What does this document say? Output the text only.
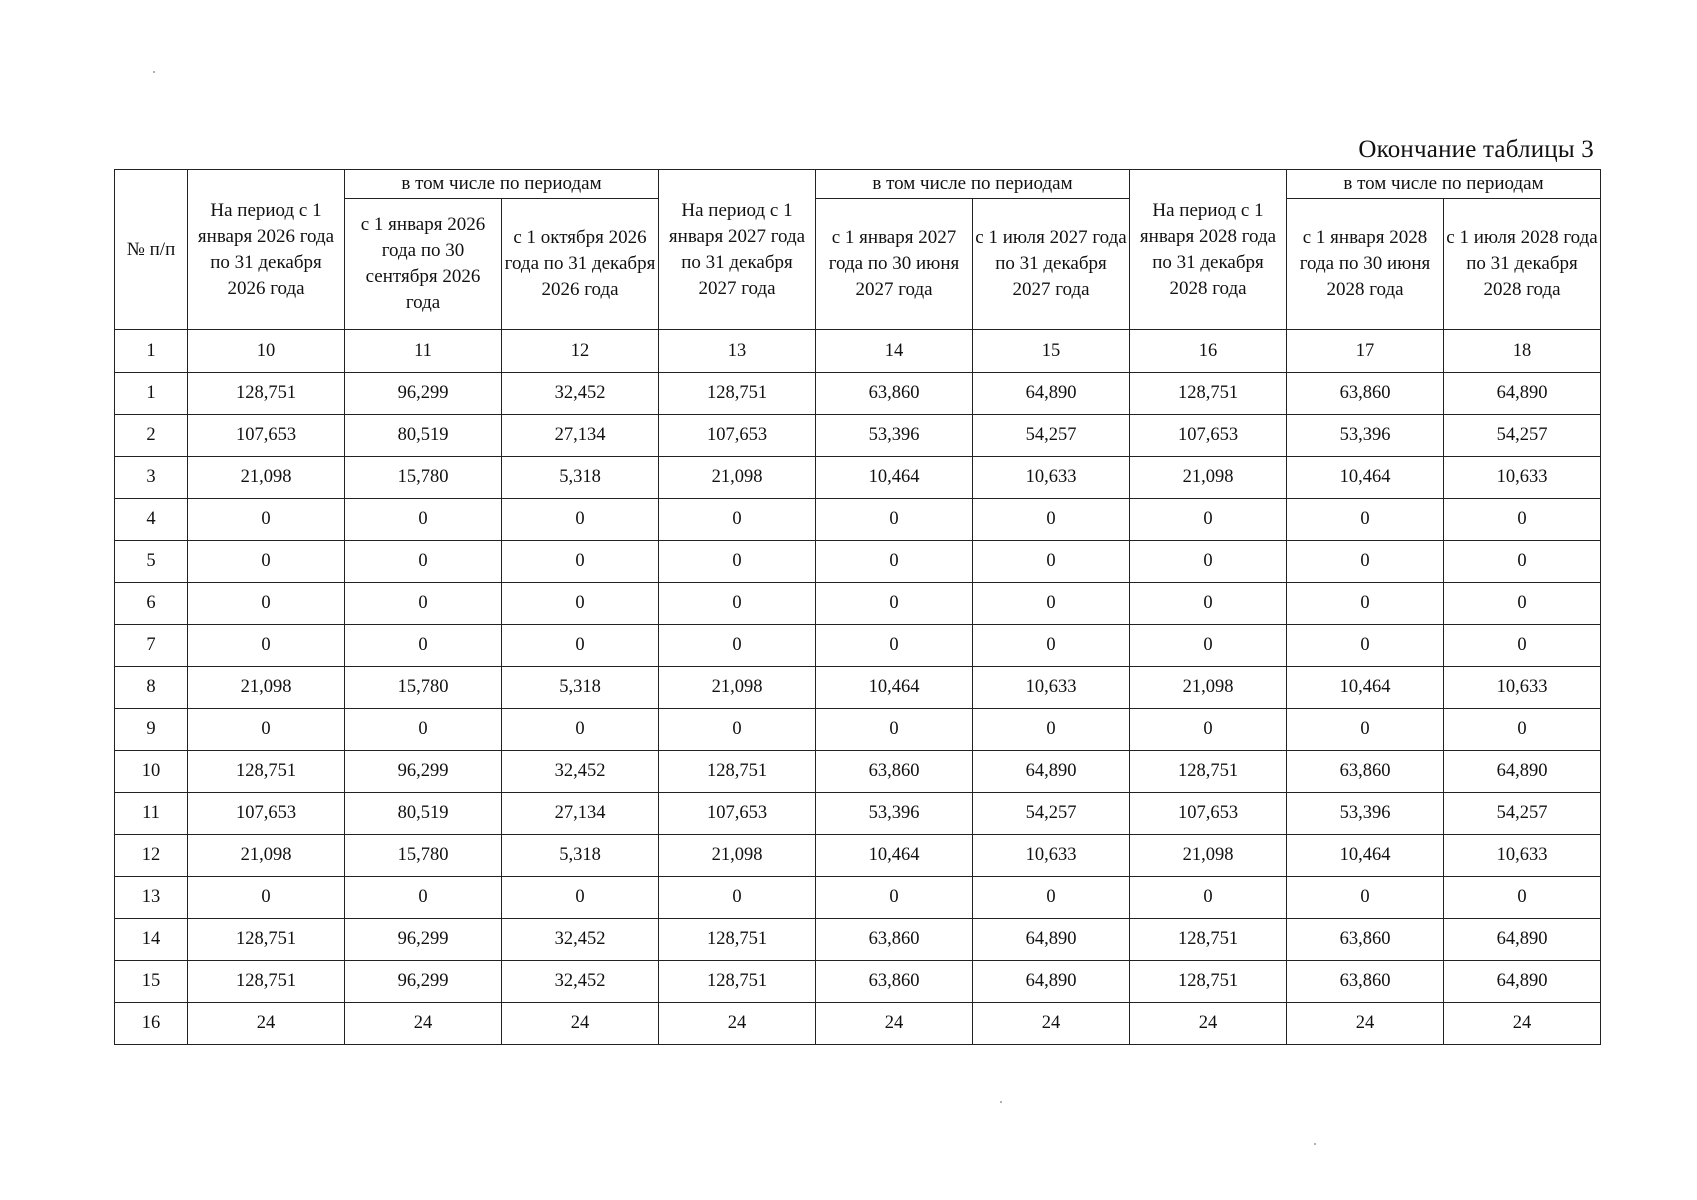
Окончание таблицы 3
№ п/п	На период с 1 января 2026 года по 31 декабря 2026 года	в том числе по периодам		На период с 1 января 2027 года по 31 декабря 2027 года	в том числе по периодам		На период с 1 января 2028 года по 31 декабря 2028 года	в том числе по периодам	
		с 1 января 2026 года по 30 сентября 2026 года	с 1 октября 2026 года по 31 декабря 2026 года		с 1 января 2027 года по 30 июня 2027 года	с 1 июля 2027 года по 31 декабря 2027 года		с 1 января 2028 года по 30 июня 2028 года	с 1 июля 2028 года по 31 декабря 2028 года
1	10	11	12	13	14	15	16	17	18
1	128,751	96,299	32,452	128,751	63,860	64,890	128,751	63,860	64,890
2	107,653	80,519	27,134	107,653	53,396	54,257	107,653	53,396	54,257
3	21,098	15,780	5,318	21,098	10,464	10,633	21,098	10,464	10,633
4	0	0	0	0	0	0	0	0	0
5	0	0	0	0	0	0	0	0	0
6	0	0	0	0	0	0	0	0	0
7	0	0	0	0	0	0	0	0	0
8	21,098	15,780	5,318	21,098	10,464	10,633	21,098	10,464	10,633
9	0	0	0	0	0	0	0	0	0
10	128,751	96,299	32,452	128,751	63,860	64,890	128,751	63,860	64,890
11	107,653	80,519	27,134	107,653	53,396	54,257	107,653	53,396	54,257
12	21,098	15,780	5,318	21,098	10,464	10,633	21,098	10,464	10,633
13	0	0	0	0	0	0	0	0	0
14	128,751	96,299	32,452	128,751	63,860	64,890	128,751	63,860	64,890
15	128,751	96,299	32,452	128,751	63,860	64,890	128,751	63,860	64,890
16	24	24	24	24	24	24	24	24	24
